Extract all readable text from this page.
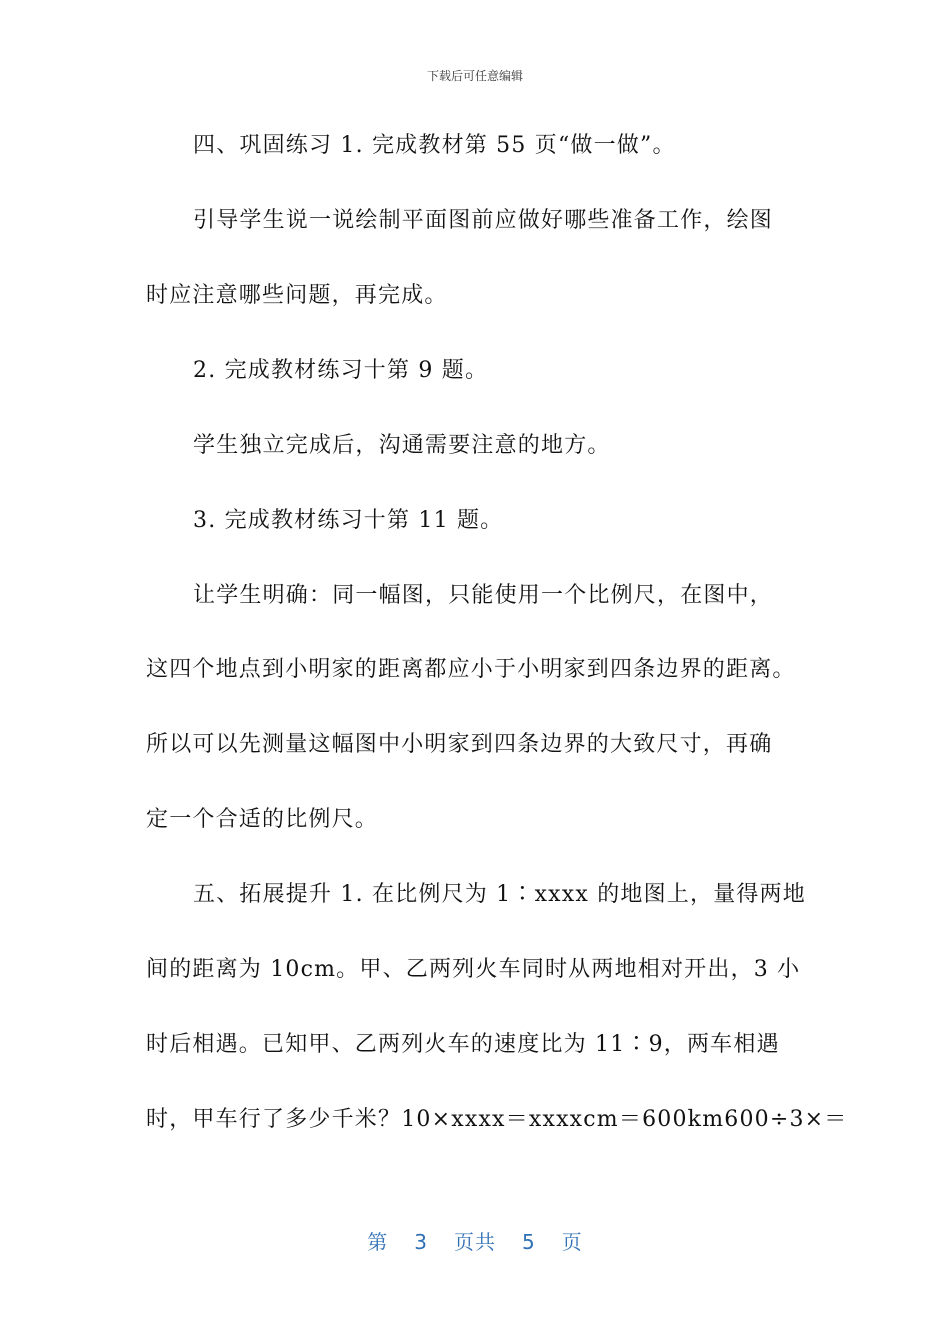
下载后可任意编辑
四、巩固练习 1. 完成教材第 55 页“做一做”。
引导学生说一说绘制平面图前应做好哪些准备工作，绘图
时应注意哪些问题，再完成。
2. 完成教材练习十第 9 题。
学生独立完成后，沟通需要注意的地方。
3. 完成教材练习十第 11 题。
让学生明确：同一幅图，只能使用一个比例尺，在图中，
这四个地点到小明家的距离都应小于小明家到四条边界的距离。
所以可以先测量这幅图中小明家到四条边界的大致尺寸，再确
定一个合适的比例尺。
五、拓展提升 1. 在比例尺为 1∶xxxx 的地图上，量得两地
间的距离为 10cm。甲、乙两列火车同时从两地相对开出，3 小
时后相遇。已知甲、乙两列火车的速度比为 11∶9，两车相遇
时，甲车行了多少千米？10×xxxx＝xxxxcm＝600km600÷3×＝
第 3 页共 5 页
